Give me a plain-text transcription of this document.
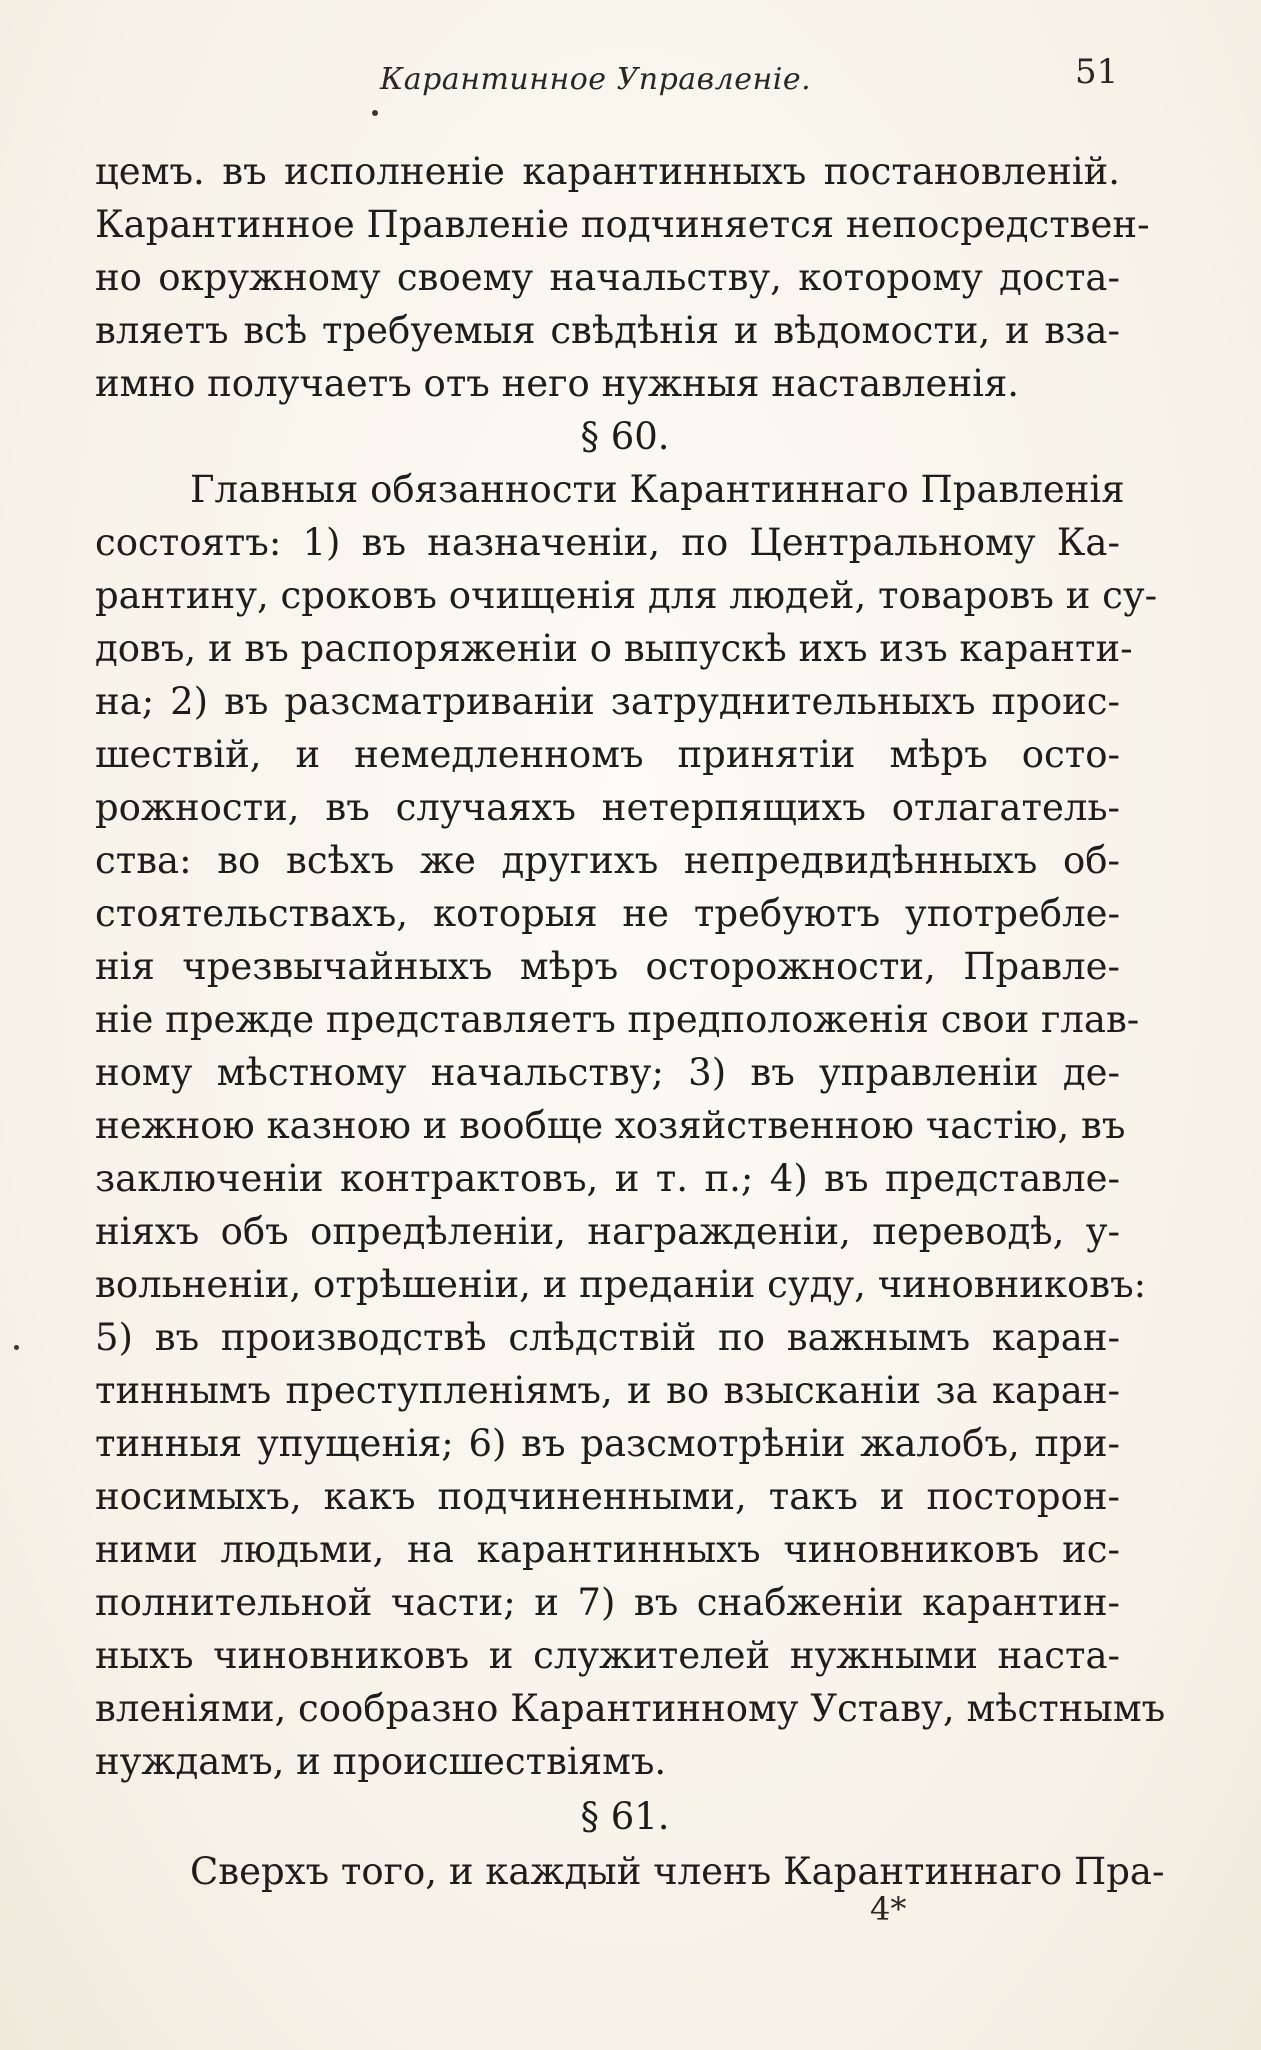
Карантинное Управленіе.	51
цемъ. въ исполненіе карантинныхъ постановленій.
Карантинное Правленіе подчиняется непосредствен-
но окружному своему начальству, которому доста-
вляетъ всѣ требуемыя свѣдѣнія и вѣдомости, и вза-
имно получаетъ отъ него нужныя наставленія.
§ 60.
Главныя обязанности Карантиннаго Правленія
состоятъ: 1) въ назначеніи, по Центральному Ка-
рантину, сроковъ очищенія для людей, товаровъ и су-
довъ, и въ распоряженіи о выпускѣ ихъ изъ каранти-
на; 2) въ разсматриваніи затруднительныхъ проис-
шествій, и немедленномъ принятіи мѣръ осто-
рожности, въ случаяхъ нетерпящихъ отлагатель-
ства: во всѣхъ же другихъ непредвидѣнныхъ об-
стоятельствахъ, которыя не требуютъ употребле-
нія чрезвычайныхъ мѣръ осторожности, Правле-
ніе прежде представляетъ предположенія свои глав-
ному мѣстному начальству; 3) въ управленіи де-
нежною казною и вообще хозяйственною частію, въ
заключеніи контрактовъ, и т. п.; 4) въ представле-
ніяхъ объ опредѣленіи, награжденіи, переводѣ, у-
вольненіи, отрѣшеніи, и преданіи суду, чиновниковъ:
5) въ производствѣ слѣдствій по важнымъ каран-
тиннымъ преступленіямъ, и во взысканіи за каран-
тинныя упущенія; 6) въ разсмотрѣніи жалобъ, при-
носимыхъ, какъ подчиненными, такъ и посторон-
ними людьми, на карантинныхъ чиновниковъ ис-
полнительной части; и 7) въ снабженіи карантин-
ныхъ чиновниковъ и служителей нужными наста-
вленіями, сообразно Карантинному Уставу, мѣстнымъ
нуждамъ, и происшествіямъ.
§ 61.
Сверхъ того, и каждый членъ Карантиннаго Пра-
4*
